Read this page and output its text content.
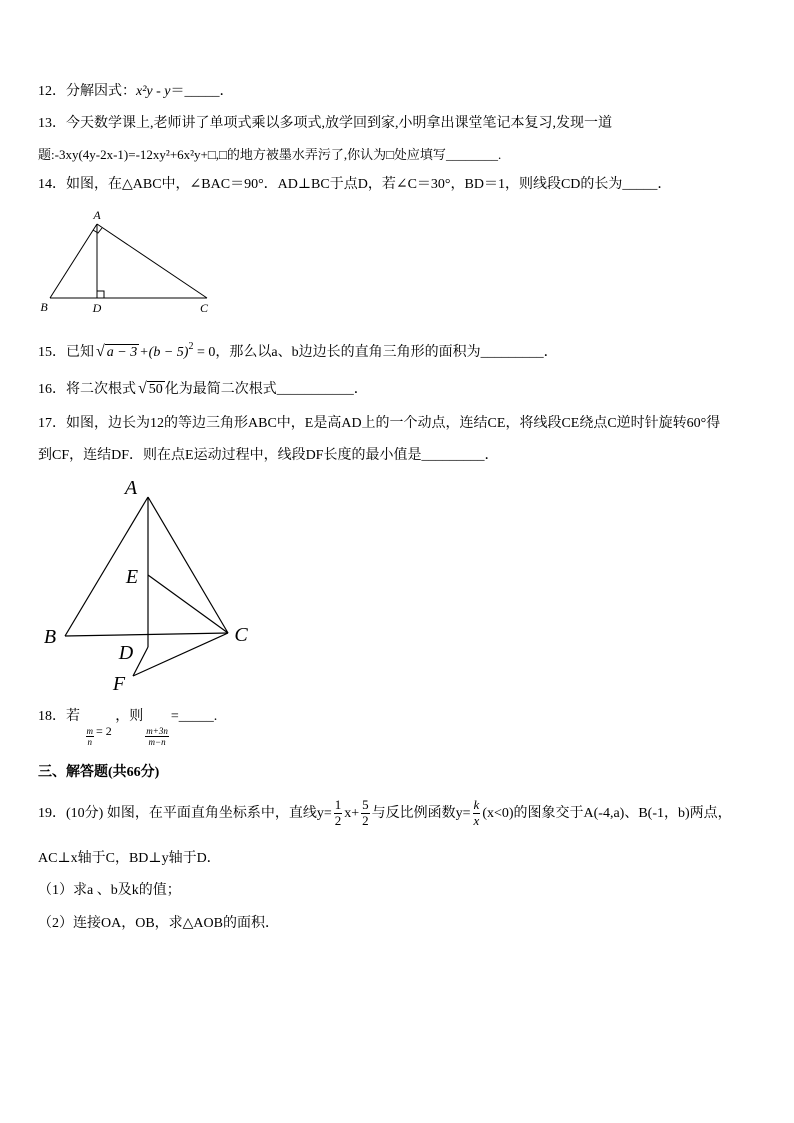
12．分解因式：x²y - y＝_____．
13．今天数学课上,老师讲了单项式乘以多项式,放学回到家,小明拿出课堂笔记本复习,发现一道
题:-3xy(4y-2x-1)=-12xy²+6x²y+□,□的地方被墨水弄污了,你认为□处应填写________.
14．如图，在△ABC中，∠BAC＝90°．AD⊥BC于点D，若∠C＝30°，BD＝1，则线段CD的长为_____．
A
B	D	C
15．已知 √ $a - 3 +(b - 5)^2 = 0$，那么以a、b边边长的直角三角形的面积为_________．
16．将二次根式 √ 50 化为最简二次根式___________．
17．如图，边长为12的等边三角形ABC中，E是高AD上的一个动点，连结CE，将线段CE绕点C逆时针旋转60°得
到CF，连结DF．则在点E运动过程中，线段DF长度的最小值是_________．
A
E
B	C
D
F
18．若
$\frac{m}{n} = 2$ ，则
$\frac{m+3n}{m-n}$
=_____.
三、解答题(共66分)
19．(10分) 如图，在平面直角坐标系中，直线$y= \frac{1}{2} x+ \frac{5}{2}$ 与反比例函数$y= \frac{k}{x} (x<0)$的图象交于A(-4,a)、B(-1，b)两点，
AC⊥x轴于C，BD⊥y轴于D．
（1）求a 、b及k的值；
（2）连接OA，OB，求△AOB的面积．
